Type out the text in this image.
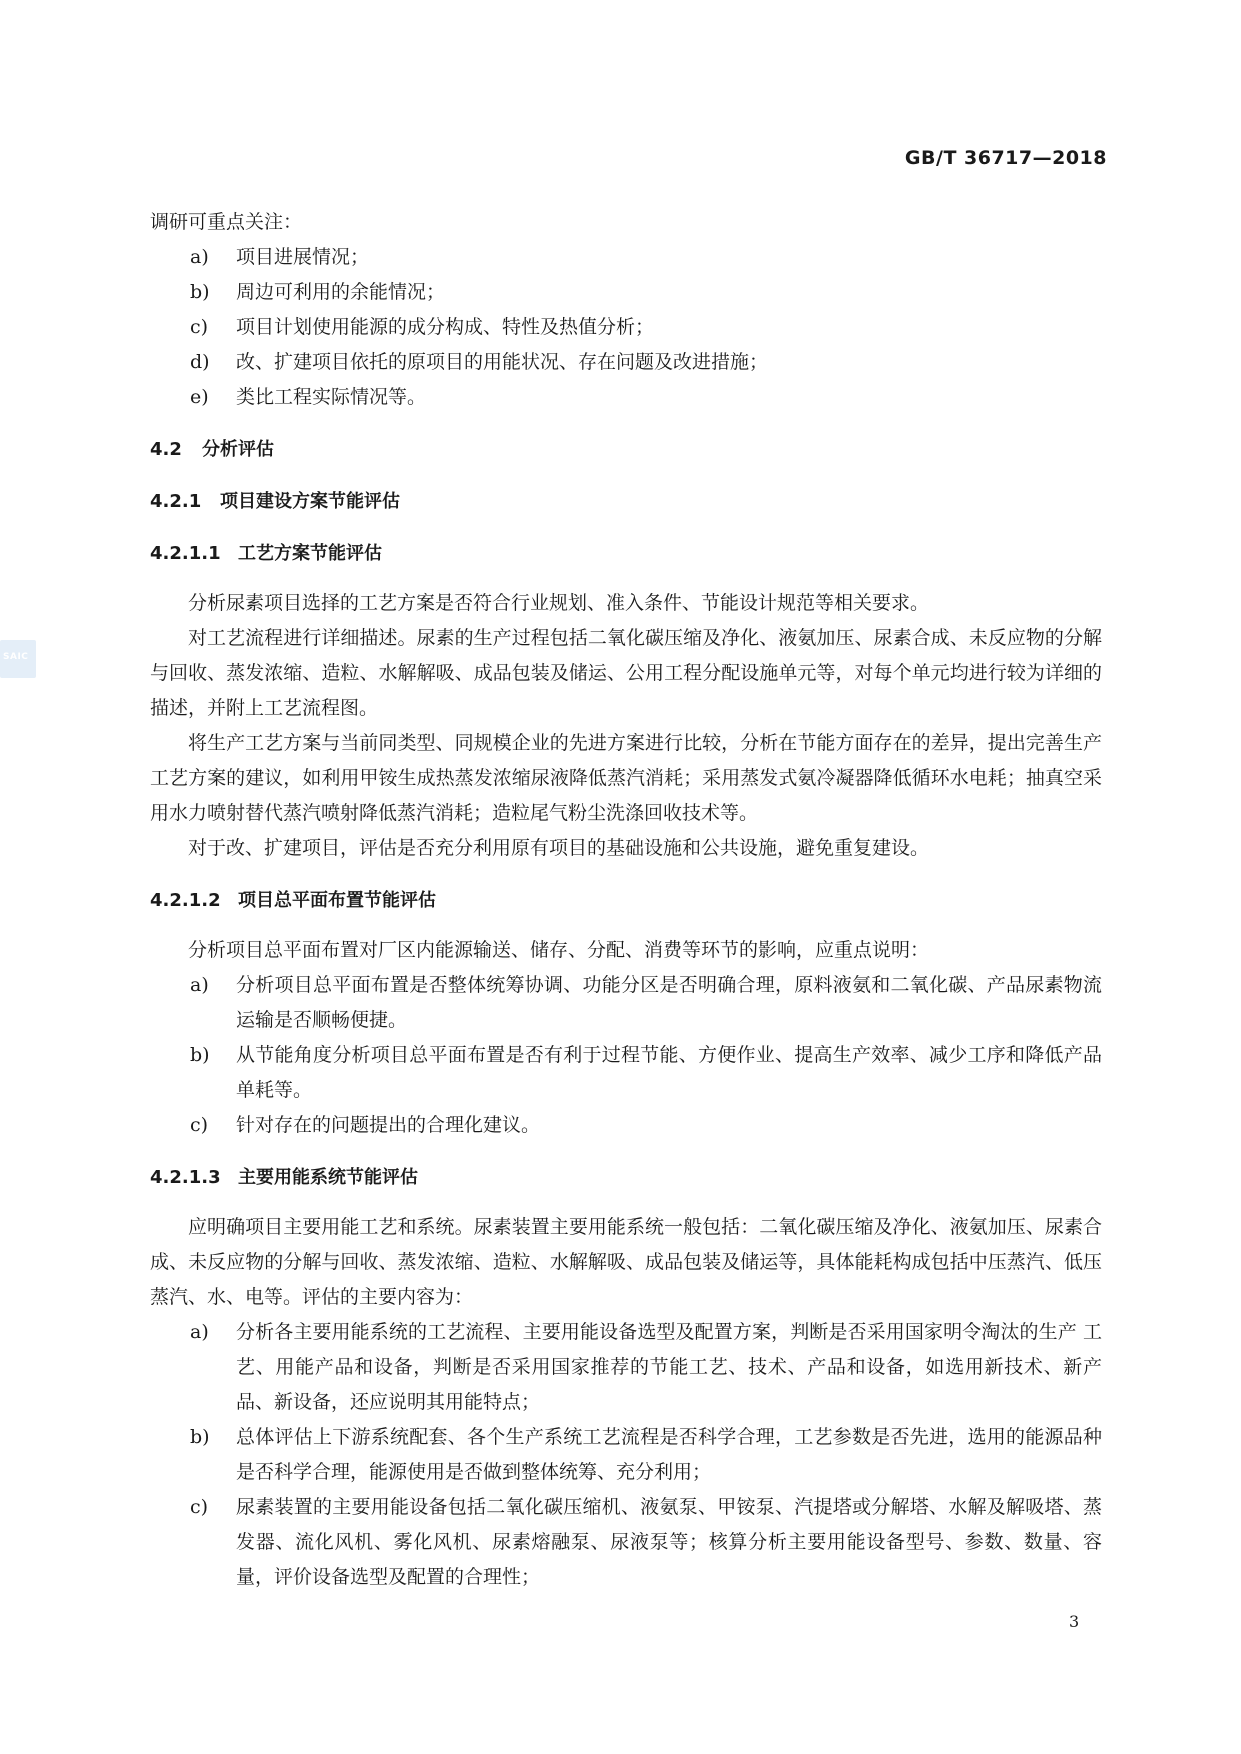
GB/T 36717—2018
SAIC

调研可重点关注：

a) 项目进展情况；

b) 周边可利用的余能情况；

c) 项目计划使用能源的成分构成、特性及热值分析；

d) 改、扩建项目依托的原项目的用能状况、存在问题及改进措施；

e) 类比工程实际情况等。

4.2 分析评估

4.2.1 项目建设方案节能评估

4.2.1.1 工艺方案节能评估

分析尿素项目选择的工艺方案是否符合行业规划、准入条件、节能设计规范等相关要求。

对工艺流程进行详细描述。尿素的生产过程包括二氧化碳压缩及净化、液氨加压、尿素合成、未反应物的分解与回收、蒸发浓缩、造粒、水解解吸、成品包装及储运、公用工程分配设施单元等，对每个单元均进行较为详细的描述，并附上工艺流程图。

将生产工艺方案与当前同类型、同规模企业的先进方案进行比较，分析在节能方面存在的差异，提出完善生产工艺方案的建议，如利用甲铵生成热蒸发浓缩尿液降低蒸汽消耗；采用蒸发式氨冷凝器降低循环水电耗；抽真空采用水力喷射替代蒸汽喷射降低蒸汽消耗；造粒尾气粉尘洗涤回收技术等。

对于改、扩建项目，评估是否充分利用原有项目的基础设施和公共设施，避免重复建设。

4.2.1.2 项目总平面布置节能评估

分析项目总平面布置对厂区内能源输送、储存、分配、消费等环节的影响，应重点说明：

a) 分析项目总平面布置是否整体统筹协调、功能分区是否明确合理，原料液氨和二氧化碳、产品尿素物流运输是否顺畅便捷。

b) 从节能角度分析项目总平面布置是否有利于过程节能、方便作业、提高生产效率、减少工序和降低产品单耗等。

c) 针对存在的问题提出的合理化建议。

4.2.1.3 主要用能系统节能评估

应明确项目主要用能工艺和系统。尿素装置主要用能系统一般包括：二氧化碳压缩及净化、液氨加压、尿素合成、未反应物的分解与回收、蒸发浓缩、造粒、水解解吸、成品包装及储运等，具体能耗构成包括中压蒸汽、低压蒸汽、水、电等。评估的主要内容为：

a) 分析各主要用能系统的工艺流程、主要用能设备选型及配置方案，判断是否采用国家明令淘汰的生产 工艺、用能产品和设备，判断是否采用国家推荐的节能工艺、技术、产品和设备，如选用新技术、新产品、新设备，还应说明其用能特点；

b) 总体评估上下游系统配套、各个生产系统工艺流程是否科学合理，工艺参数是否先进，选用的能源品种是否科学合理，能源使用是否做到整体统筹、充分利用；

c) 尿素装置的主要用能设备包括二氧化碳压缩机、液氨泵、甲铵泵、汽提塔或分解塔、水解及解吸塔、蒸发器、流化风机、雾化风机、尿素熔融泵、尿液泵等；核算分析主要用能设备型号、参数、数量、容量，评价设备选型及配置的合理性；

3
